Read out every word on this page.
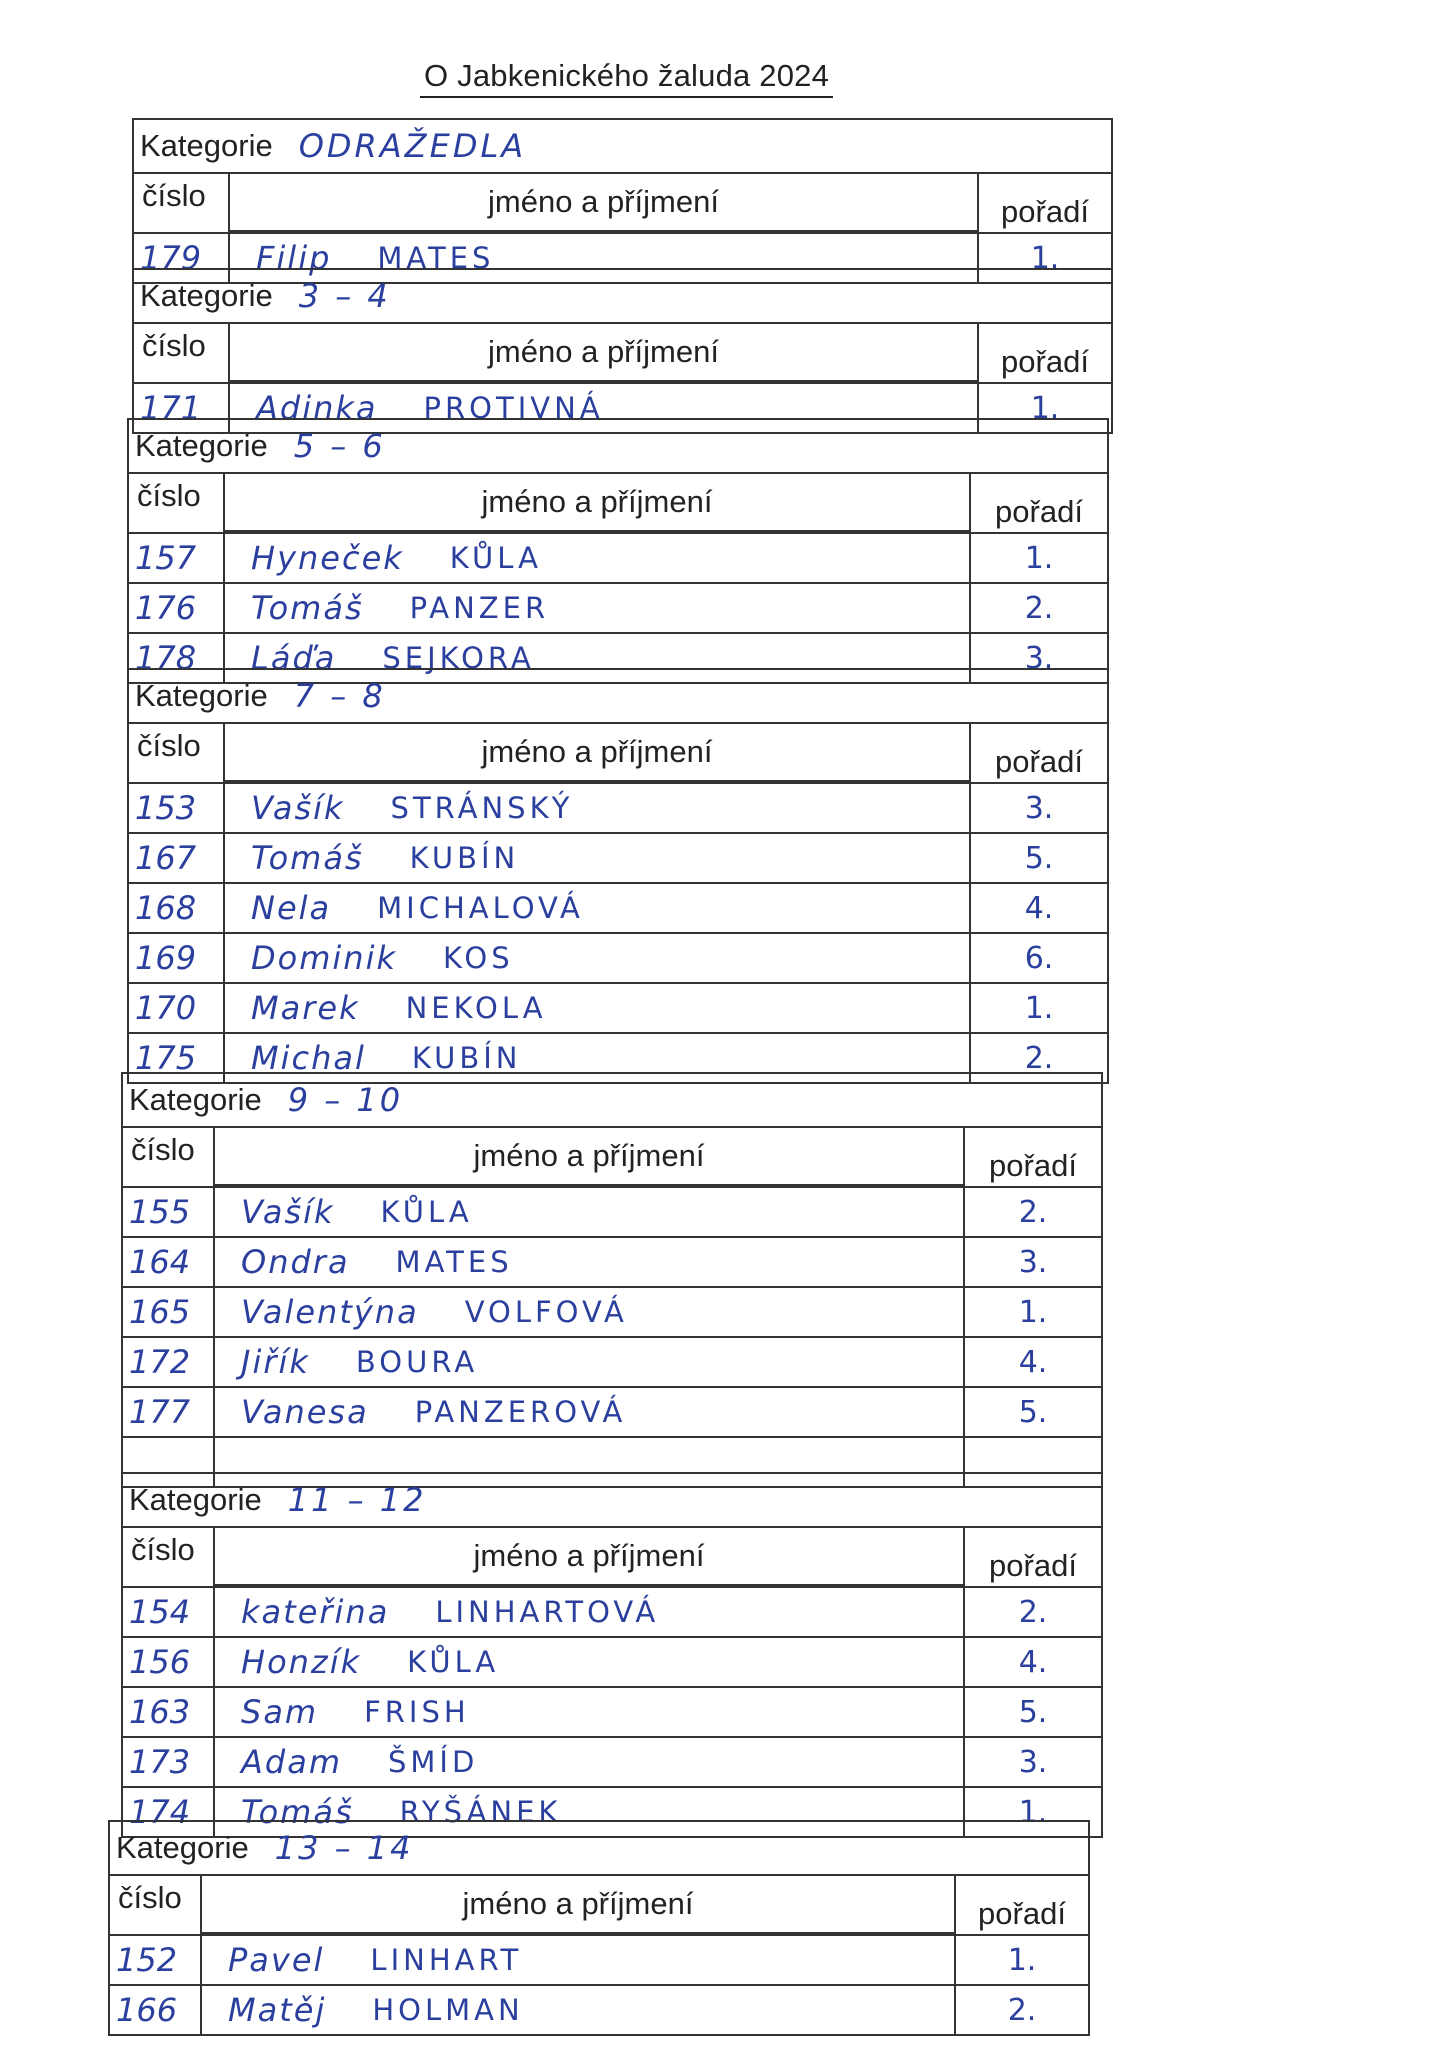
O Jabkenického žaluda 2024
Kategorie ODRAŽEDLA
číslo	jméno a příjmení	pořadí
179	Filip MATES	1.
Kategorie 3 – 4
číslo	jméno a příjmení	pořadí
171	Adinka PROTIVNÁ	1.
Kategorie 5 – 6
číslo	jméno a příjmení	pořadí
157	Hyneček KŮLA	1.
176	Tomáš PANZER	2.
178	Láďa SEJKORA	3.
Kategorie 7 – 8
číslo	jméno a příjmení	pořadí
153	Vašík STRÁNSKÝ	3.
167	Tomáš KUBÍN	5.
168	Nela MICHALOVÁ	4.
169	Dominik KOS	6.
170	Marek NEKOLA	1.
175	Michal KUBÍN	2.
Kategorie 9 – 10
číslo	jméno a příjmení	pořadí
155	Vašík KŮLA	2.
164	Ondra MATES	3.
165	Valentýna VOLFOVÁ	1.
172	Jiřík BOURA	4.
177	Vanesa PANZEROVÁ	5.
Kategorie 11 – 12
číslo	jméno a příjmení	pořadí
154	kateřina LINHARTOVÁ	2.
156	Honzík KŮLA	4.
163	Sam FRISH	5.
173	Adam ŠMÍD	3.
174	Tomáš RYŠÁNEK	1.
Kategorie 13 – 14
číslo	jméno a příjmení	pořadí
152	Pavel LINHART	1.
166	Matěj HOLMAN	2.
